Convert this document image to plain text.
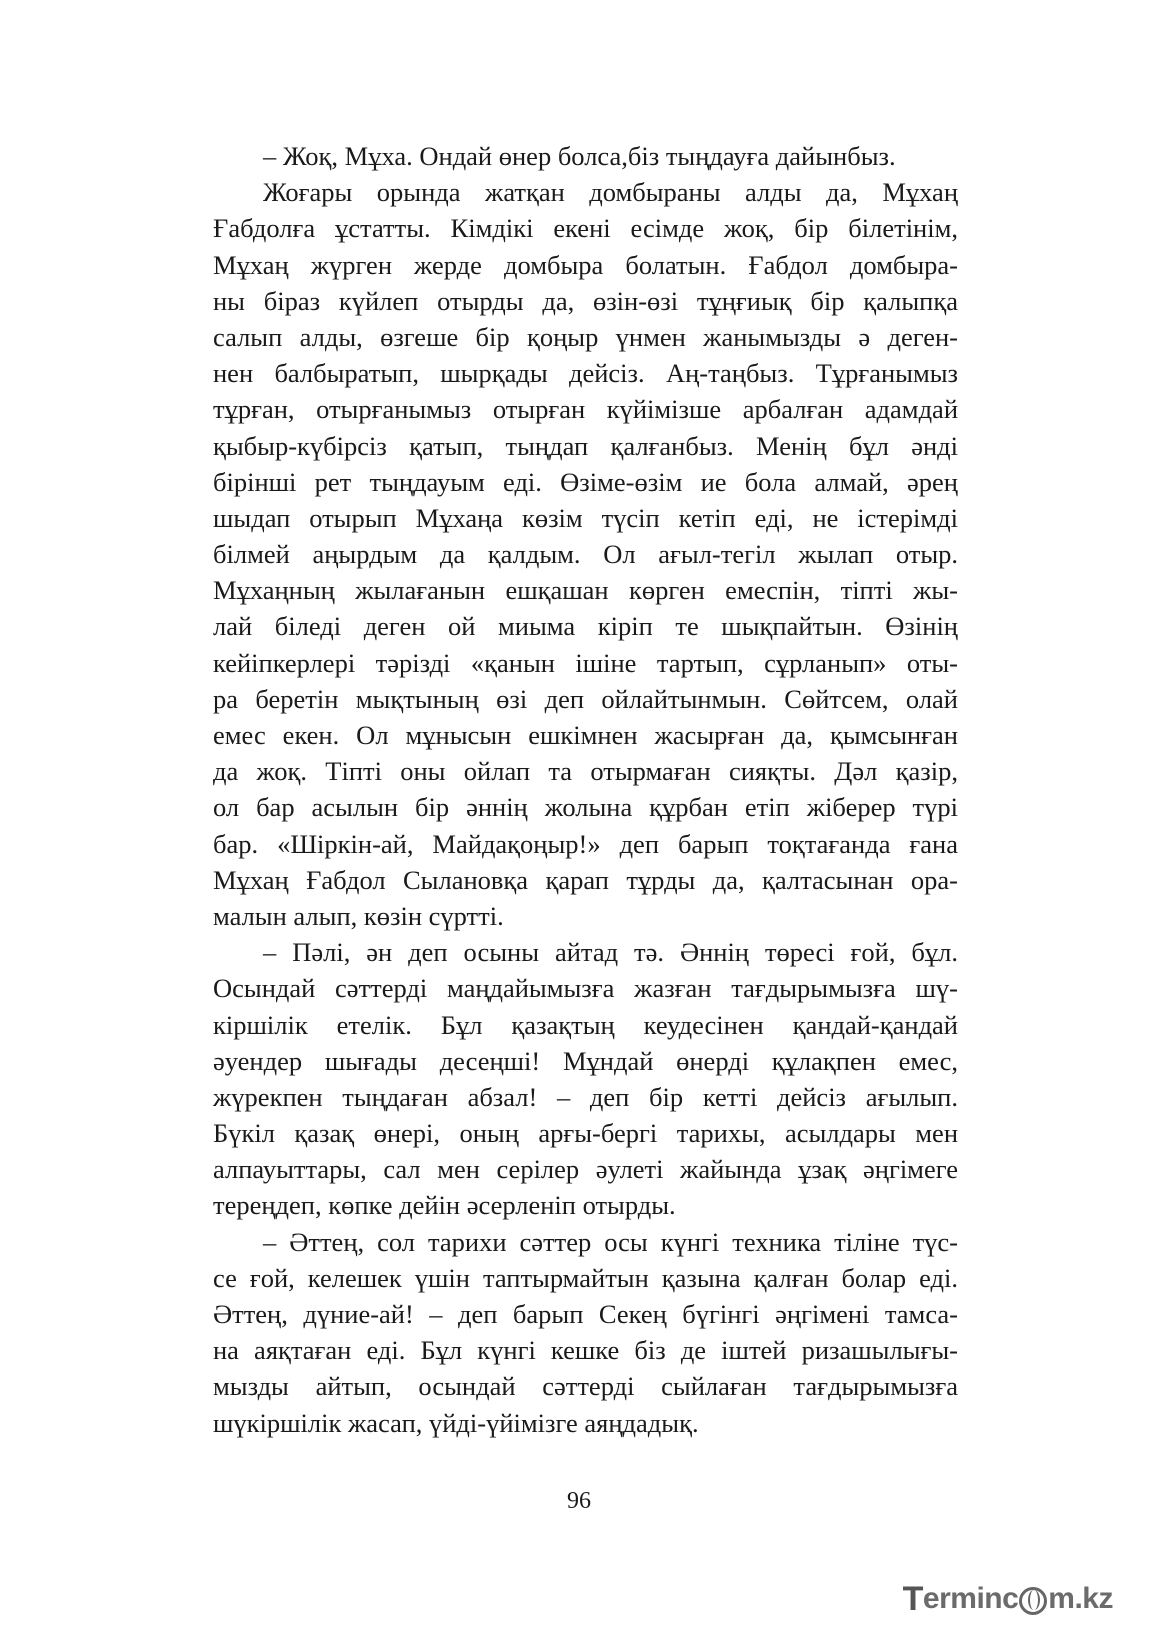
– Жоқ, Мұха. Ондай өнер болса,біз тыңдауға дайынбыз.
Жоғары орында жатқан домбыраны алды да, Мұхаң
Ғабдолға ұстатты. Кімдікі екені есімде жоқ, бір білетінім,
Мұхаң жүрген жерде домбыра болатын. Ғабдол домбыра-
ны біраз күйлеп отырды да, өзін-өзі тұңғиық бір қалыпқа
салып алды, өзгеше бір қоңыр үнмен жанымызды ә деген-
нен балбыратып, шырқады дейсіз. Аң-таңбыз. Тұрғанымыз
тұрған, отырғанымыз отырған күйімізше арбалған адамдай
қыбыр-күбірсіз қатып, тыңдап қалғанбыз. Менің бұл әнді
бірінші рет тыңдауым еді. Өзіме-өзім ие бола алмай, әрең
шыдап отырып Мұхаңа көзім түсіп кетіп еді, не істерімді
білмей аңырдым да қалдым. Ол ағыл-тегіл жылап отыр.
Мұхаңның жылағанын ешқашан көрген емеспін, тіпті жы-
лай біледі деген ой миыма кіріп те шықпайтын. Өзінің
кейіпкерлері тәрізді «қанын ішіне тартып, сұрланып» оты-
ра беретін мықтының өзі деп ойлайтынмын. Сөйтсем, олай
емес екен. Ол мұнысын ешкімнен жасырған да, қымсынған
да жоқ. Тіпті оны ойлап та отырмаған сияқты. Дәл қазір,
ол бар асылын бір әннің жолына құрбан етіп жіберер түрі
бар. «Шіркін-ай, Майдақоңыр!» деп барып тоқтағанда ғана
Мұхаң Ғабдол Сылановқа қарап тұрды да, қалтасынан ора-
малын алып, көзін сүртті.
– Пәлі, ән деп осыны айтад тә. Әннің төресі ғой, бұл.
Осындай сәттерді маңдайымызға жазған тағдырымызға шү-
кіршілік етелік. Бұл қазақтың кеудесінен қандай-қандай
әуендер шығады десеңші! Мұндай өнерді құлақпен емес,
жүрекпен тыңдаған абзал! – деп бір кетті дейсіз ағылып.
Бүкіл қазақ өнері, оның арғы-бергі тарихы, асылдары мен
алпауыттары, сал мен серілер әулеті жайында ұзақ әңгімеге
тереңдеп, көпке дейін әсерленіп отырды.
– Әттең, сол тарихи сәттер осы күнгі техника тіліне түс-
се ғой, келешек үшін таптырмайтын қазына қалған болар еді.
Әттең, дүние-ай! – деп барып Секең бүгінгі әңгімені тамса-
на аяқтаған еді. Бұл күнгі кешке біз де іштей ризашылығы-
мызды айтып, осындай сәттерді сыйлаған тағдырымызға
шүкіршілік жасап, үйді-үйімізге аяңдадық.
96
T erminc m.kz
